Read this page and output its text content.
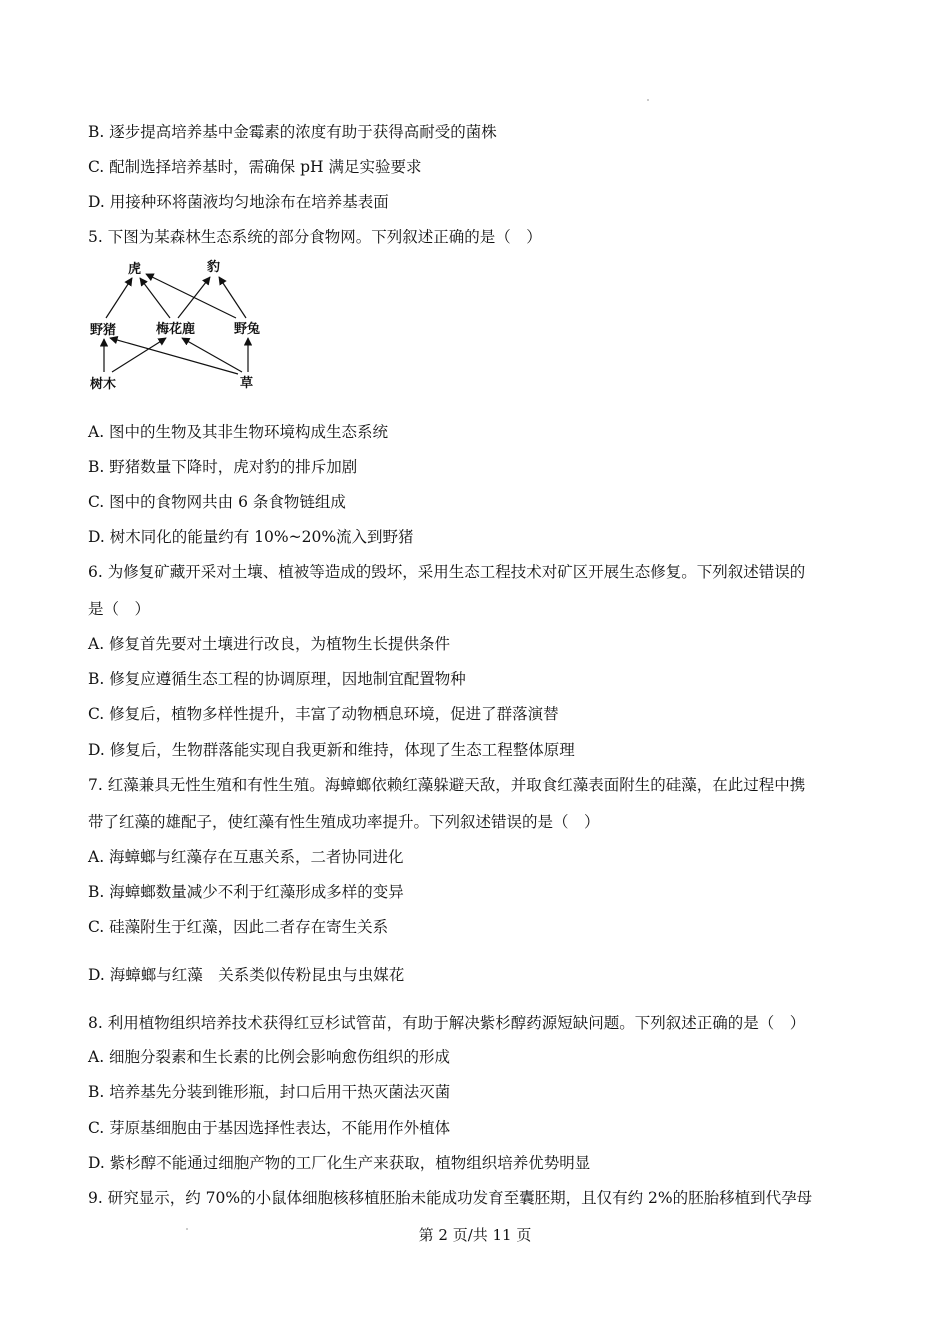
B. 逐步提高培养基中金霉素的浓度有助于获得高耐受的菌株
C. 配制选择培养基时，需确保 pH 满足实验要求
D. 用接种环将菌液均匀地涂布在培养基表面
5. 下图为某森林生态系统的部分食物网。下列叙述正确的是（　）
虎	豹
野猪	梅花鹿	野兔
树木	草
A. 图中的生物及其非生物环境构成生态系统
B. 野猪数量下降时，虎对豹的排斥加剧
C. 图中的食物网共由 6 条食物链组成
D. 树木同化的能量约有 10%~20%流入到野猪
6. 为修复矿藏开采对土壤、植被等造成的毁坏，采用生态工程技术对矿区开展生态修复。下列叙述错误的
是（　）
A. 修复首先要对土壤进行改良，为植物生长提供条件
B. 修复应遵循生态工程的协调原理，因地制宜配置物种
C. 修复后，植物多样性提升，丰富了动物栖息环境，促进了群落演替
D. 修复后，生物群落能实现自我更新和维持，体现了生态工程整体原理
7. 红藻兼具无性生殖和有性生殖。海蟑螂依赖红藻躲避天敌，并取食红藻表面附生的硅藻，在此过程中携
带了红藻的雄配子，使红藻有性生殖成功率提升。下列叙述错误的是（　）
A. 海蟑螂与红藻存在互惠关系，二者协同进化
B. 海蟑螂数量减少不利于红藻形成多样的变异
C. 硅藻附生于红藻，因此二者存在寄生关系
D. 海蟑螂与红藻　关系类似传粉昆虫与虫媒花
8. 利用植物组织培养技术获得红豆杉试管苗，有助于解决紫杉醇药源短缺问题。下列叙述正确的是（　）
A. 细胞分裂素和生长素的比例会影响愈伤组织的形成
B. 培养基先分装到锥形瓶，封口后用干热灭菌法灭菌
C. 芽原基细胞由于基因选择性表达，不能用作外植体
D. 紫杉醇不能通过细胞产物的工厂化生产来获取，植物组织培养优势明显
9. 研究显示，约 70%的小鼠体细胞核移植胚胎未能成功发育至囊胚期，且仅有约 2%的胚胎移植到代孕母
第 2 页/共 11 页
